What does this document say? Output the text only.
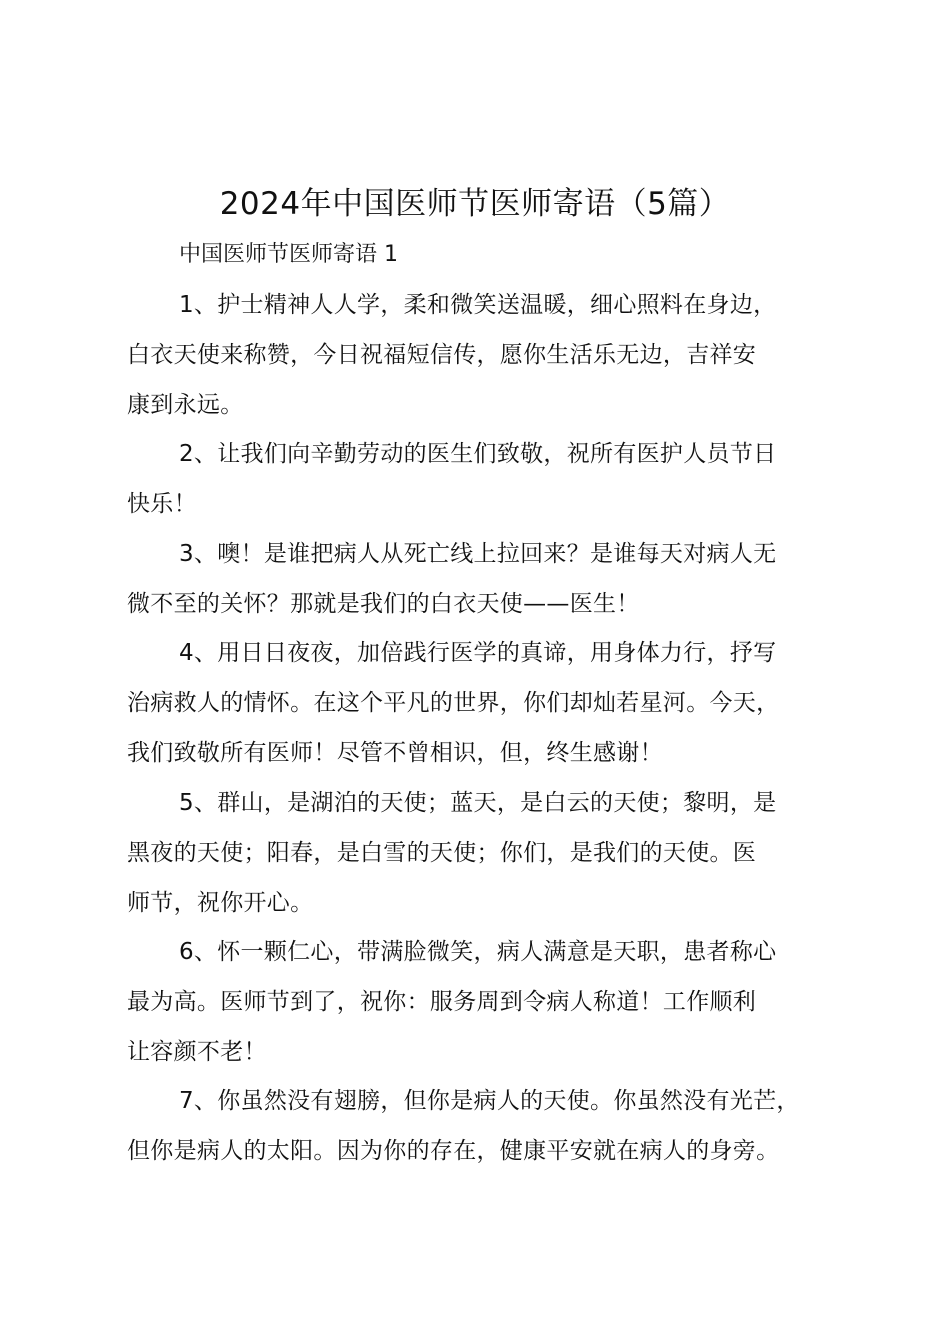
2024年中国医师节医师寄语（5篇）
中国医师节医师寄语 1
1、护士精神人人学，柔和微笑送温暖，细心照料在身边，
白衣天使来称赞，今日祝福短信传，愿你生活乐无边，吉祥安
康到永远。
2、让我们向辛勤劳动的医生们致敬，祝所有医护人员节日
快乐！
3、噢！是谁把病人从死亡线上拉回来？是谁每天对病人无
微不至的关怀？那就是我们的白衣天使——医生！
4、用日日夜夜，加倍践行医学的真谛，用身体力行，抒写
治病救人的情怀。在这个平凡的世界，你们却灿若星河。今天，
我们致敬所有医师！尽管不曾相识，但，终生感谢！
5、群山，是湖泊的天使；蓝天，是白云的天使；黎明，是
黑夜的天使；阳春，是白雪的天使；你们，是我们的天使。医
师节，祝你开心。
6、怀一颗仁心，带满脸微笑，病人满意是天职，患者称心
最为高。医师节到了，祝你：服务周到令病人称道！工作顺利
让容颜不老！
7、你虽然没有翅膀，但你是病人的天使。你虽然没有光芒，
但你是病人的太阳。因为你的存在，健康平安就在病人的身旁。
